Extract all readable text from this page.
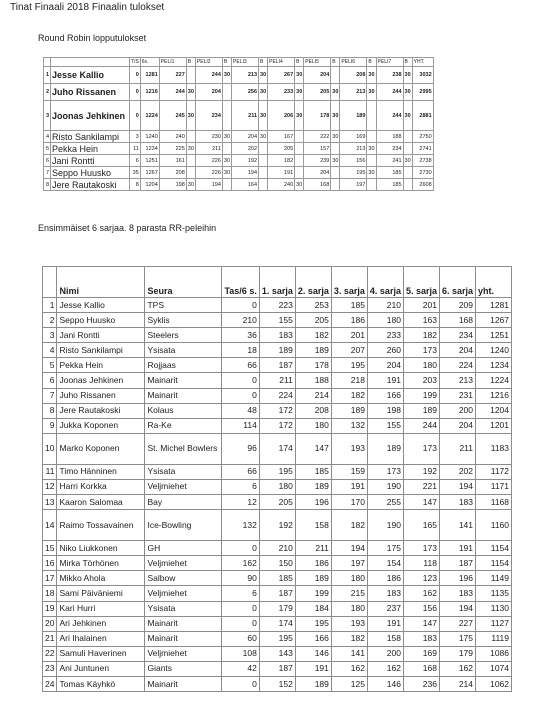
Tinat Finaali 2018 Finaalin tulokset
Round Robin lopputulokset
		T/S	6s.	PELI1	B	PELI2	B	PELI3	B	PELI4	B	PELI5	B	PELI6	B	PELI7	B	YHT.
1	Jesse Kallio	0	1281	227		244	30	213	30	267	30	204		208	30	238	30	3032
2	Juho Rissanen	0	1216	244	30	204		256	30	233	30	205	30	213	30	244	30	2995
3	Joonas Jehkinen	0	1224	245	30	234		211	30	206	30	178	30	189		244	30	2881
4	Risto Sankilampi	3	1240	240		230	30	204	30	167		222	30	169		188		2750
5	Pekka Hein	11	1234	225	30	211		202		205		157		213	30	234		2741
6	Jani Rontti	6	1251	161		226	30	192		182		239	30	156		241	30	2738
7	Seppo Huusko	35	1267	208		226	30	194		191		204		195	30	185		2730
8	Jere Rautakoski	8	1204	198	30	194		164		240	30	168		197		185		2608
Ensimmäiset 6 sarjaa. 8 parasta RR-peleihin
	Nimi	Seura	Tas/6 s.	1. sarja	2. sarja	3. sarja	4. sarja	5. sarja	6. sarja	yht.
1	Jesse Kallio	TPS	0	223	253	185	210	201	209	1281
2	Seppo Huusko	Syklis	210	155	205	186	180	163	168	1267
3	Jani Rontti	Steelers	36	183	182	201	233	182	234	1251
4	Risto Sankilampi	Ysisata	18	189	189	207	260	173	204	1240
5	Pekka Hein	Rojjaas	66	187	178	195	204	180	224	1234
6	Joonas Jehkinen	Mainarit	0	211	188	218	191	203	213	1224
7	Juho Rissanen	Mainarit	0	224	214	182	166	199	231	1216
8	Jere Rautakoski	Kolaus	48	172	208	189	198	189	200	1204
9	Jukka Koponen	Ra-Ke	114	172	180	132	155	244	204	1201
10	Marko Koponen	St. Michel Bowlers	96	174	147	193	189	173	211	1183
11	Timo Hänninen	Ysisata	66	195	185	159	173	192	202	1172
12	Harri Korkka	Veljmiehet	6	180	189	191	190	221	194	1171
13	Kaaron Salomaa	Bay	12	205	196	170	255	147	183	1168
14	Raimo Tossavainen	Ice-Bowling	132	192	158	182	190	165	141	1160
15	Niko Liukkonen	GH	0	210	211	194	175	173	191	1154
16	Mirka Törhönen	Veljmiehet	162	150	186	197	154	118	187	1154
17	Mikko Ahola	Salbow	90	185	189	180	186	123	196	1149
18	Sami Päiväniemi	Veljmiehet	6	187	199	215	183	162	183	1135
19	Kari Hurri	Ysisata	0	179	184	180	237	156	194	1130
20	Ari Jehkinen	Mainarit	0	174	195	193	191	147	227	1127
21	Ari Ihalainen	Mainarit	60	195	166	182	158	183	175	1119
22	Samuli Haverinen	Veljmiehet	108	143	146	141	200	169	179	1086
23	Ani Juntunen	Giants	42	187	191	162	162	168	162	1074
24	Tomas Käyhkö	Mainarit	0	152	189	125	146	236	214	1062
